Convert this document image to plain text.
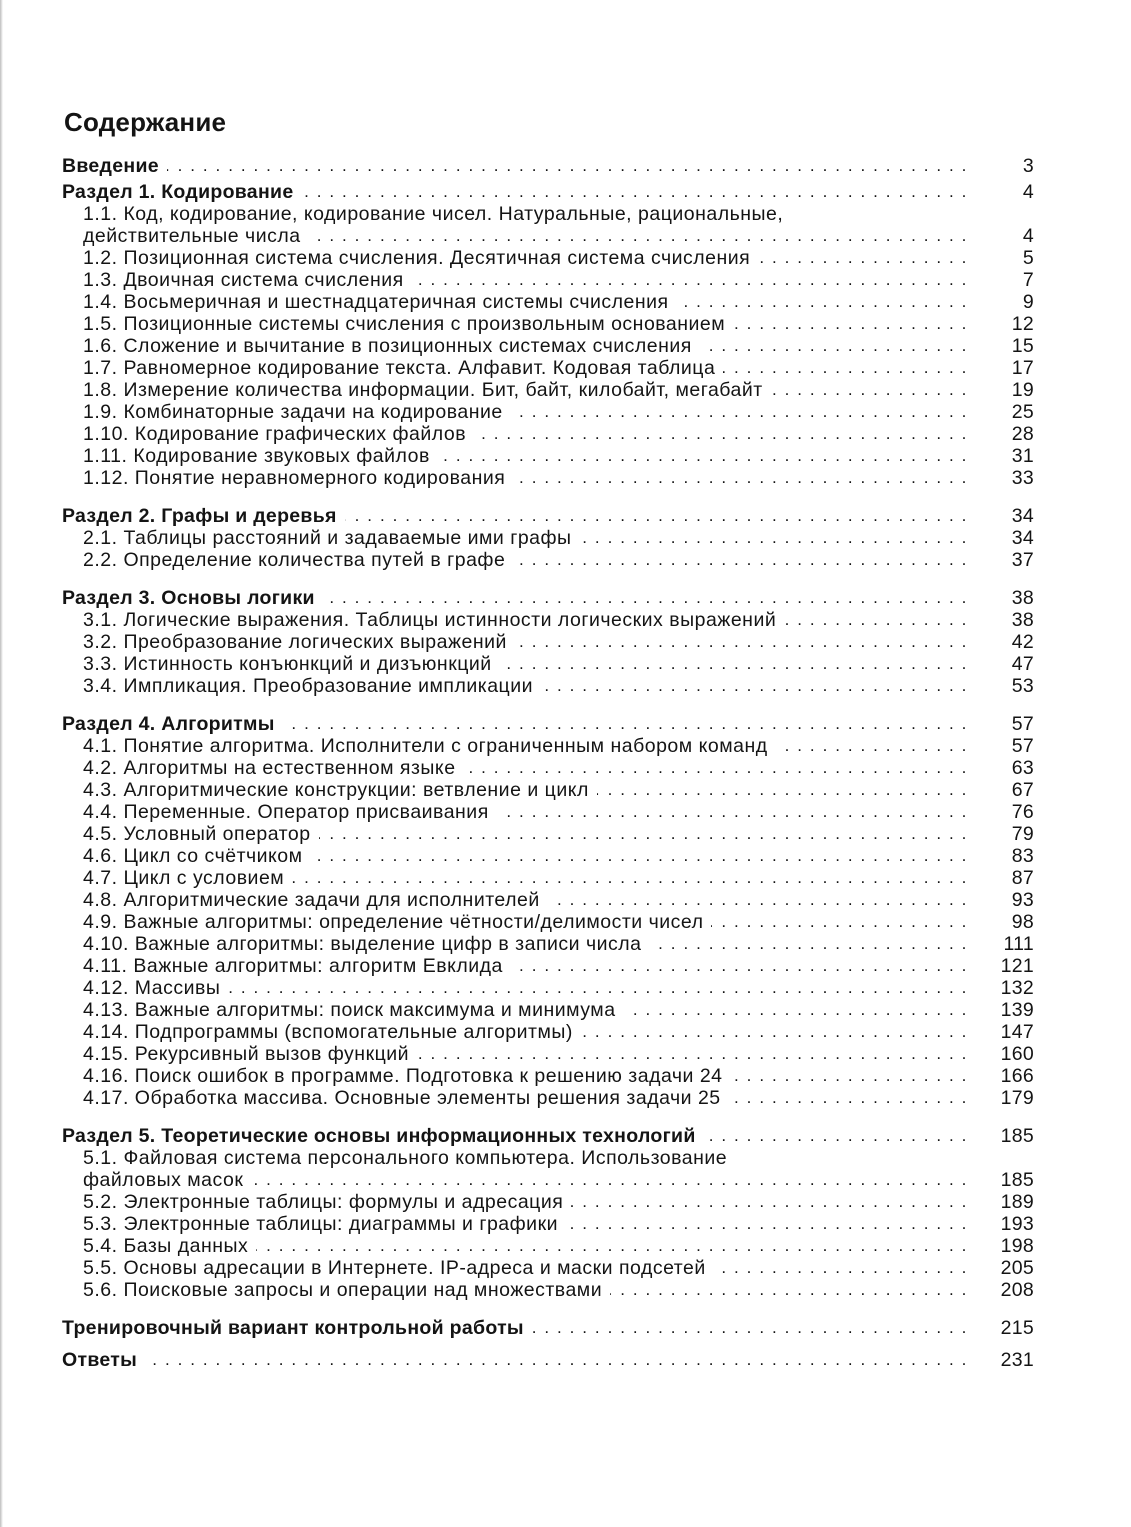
Содержание
Введение . . .	3
Раздел 1. Кодирование . . .	4
1.1. Код, кодирование, кодирование чисел. Натуральные, рациональные,
действительные числа . . .	4
1.2. Позиционная система счисления. Десятичная система счисления . . .	5
1.3. Двоичная система счисления . . .	7
1.4. Восьмеричная и шестнадцатеричная системы счисления . . .	9
1.5. Позиционные системы счисления с произвольным основанием . . .	12
1.6. Сложение и вычитание в позиционных системах счисления . . .	15
1.7. Равномерное кодирование текста. Алфавит. Кодовая таблица . . .	17
1.8. Измерение количества информации. Бит, байт, килобайт, мегабайт . . .	19
1.9. Комбинаторные задачи на кодирование . . .	25
1.10. Кодирование графических файлов . . .	28
1.11. Кодирование звуковых файлов . . .	31
1.12. Понятие неравномерного кодирования . . .	33
Раздел 2. Графы и деревья . . .	34
2.1. Таблицы расстояний и задаваемые ими графы . . .	34
2.2. Определение количества путей в графе . . .	37
Раздел 3. Основы логики . . .	38
3.1. Логические выражения. Таблицы истинности логических выражений . . .	38
3.2. Преобразование логических выражений . . .	42
3.3. Истинность конъюнкций и дизъюнкций . . .	47
3.4. Импликация. Преобразование импликации . . .	53
Раздел 4. Алгоритмы . . .	57
4.1. Понятие алгоритма. Исполнители с ограниченным набором команд . . .	57
4.2. Алгоритмы на естественном языке . . .	63
4.3. Алгоритмические конструкции: ветвление и цикл . . .	67
4.4. Переменные. Оператор присваивания . . .	76
4.5. Условный оператор . . .	79
4.6. Цикл со счётчиком . . .	83
4.7. Цикл с условием . . .	87
4.8. Алгоритмические задачи для исполнителей . . .	93
4.9. Важные алгоритмы: определение чётности/делимости чисел . . .	98
4.10. Важные алгоритмы: выделение цифр в записи числа . . .	111
4.11. Важные алгоритмы: алгоритм Евклида . . .	121
4.12. Массивы . . .	132
4.13. Важные алгоритмы: поиск максимума и минимума . . .	139
4.14. Подпрограммы (вспомогательные алгоритмы) . . .	147
4.15. Рекурсивный вызов функций . . .	160
4.16. Поиск ошибок в программе. Подготовка к решению задачи 24 . . .	166
4.17. Обработка массива. Основные элементы решения задачи 25 . . .	179
Раздел 5. Теоретические основы информационных технологий . . .	185
5.1. Файловая система персонального компьютера. Использование
файловых масок . . .	185
5.2. Электронные таблицы: формулы и адресация . . .	189
5.3. Электронные таблицы: диаграммы и графики . . .	193
5.4. Базы данных . . .	198
5.5. Основы адресации в Интернете. IP-адреса и маски подсетей . . .	205
5.6. Поисковые запросы и операции над множествами . . .	208
Тренировочный вариант контрольной работы . . .	215
Ответы . . .	231
